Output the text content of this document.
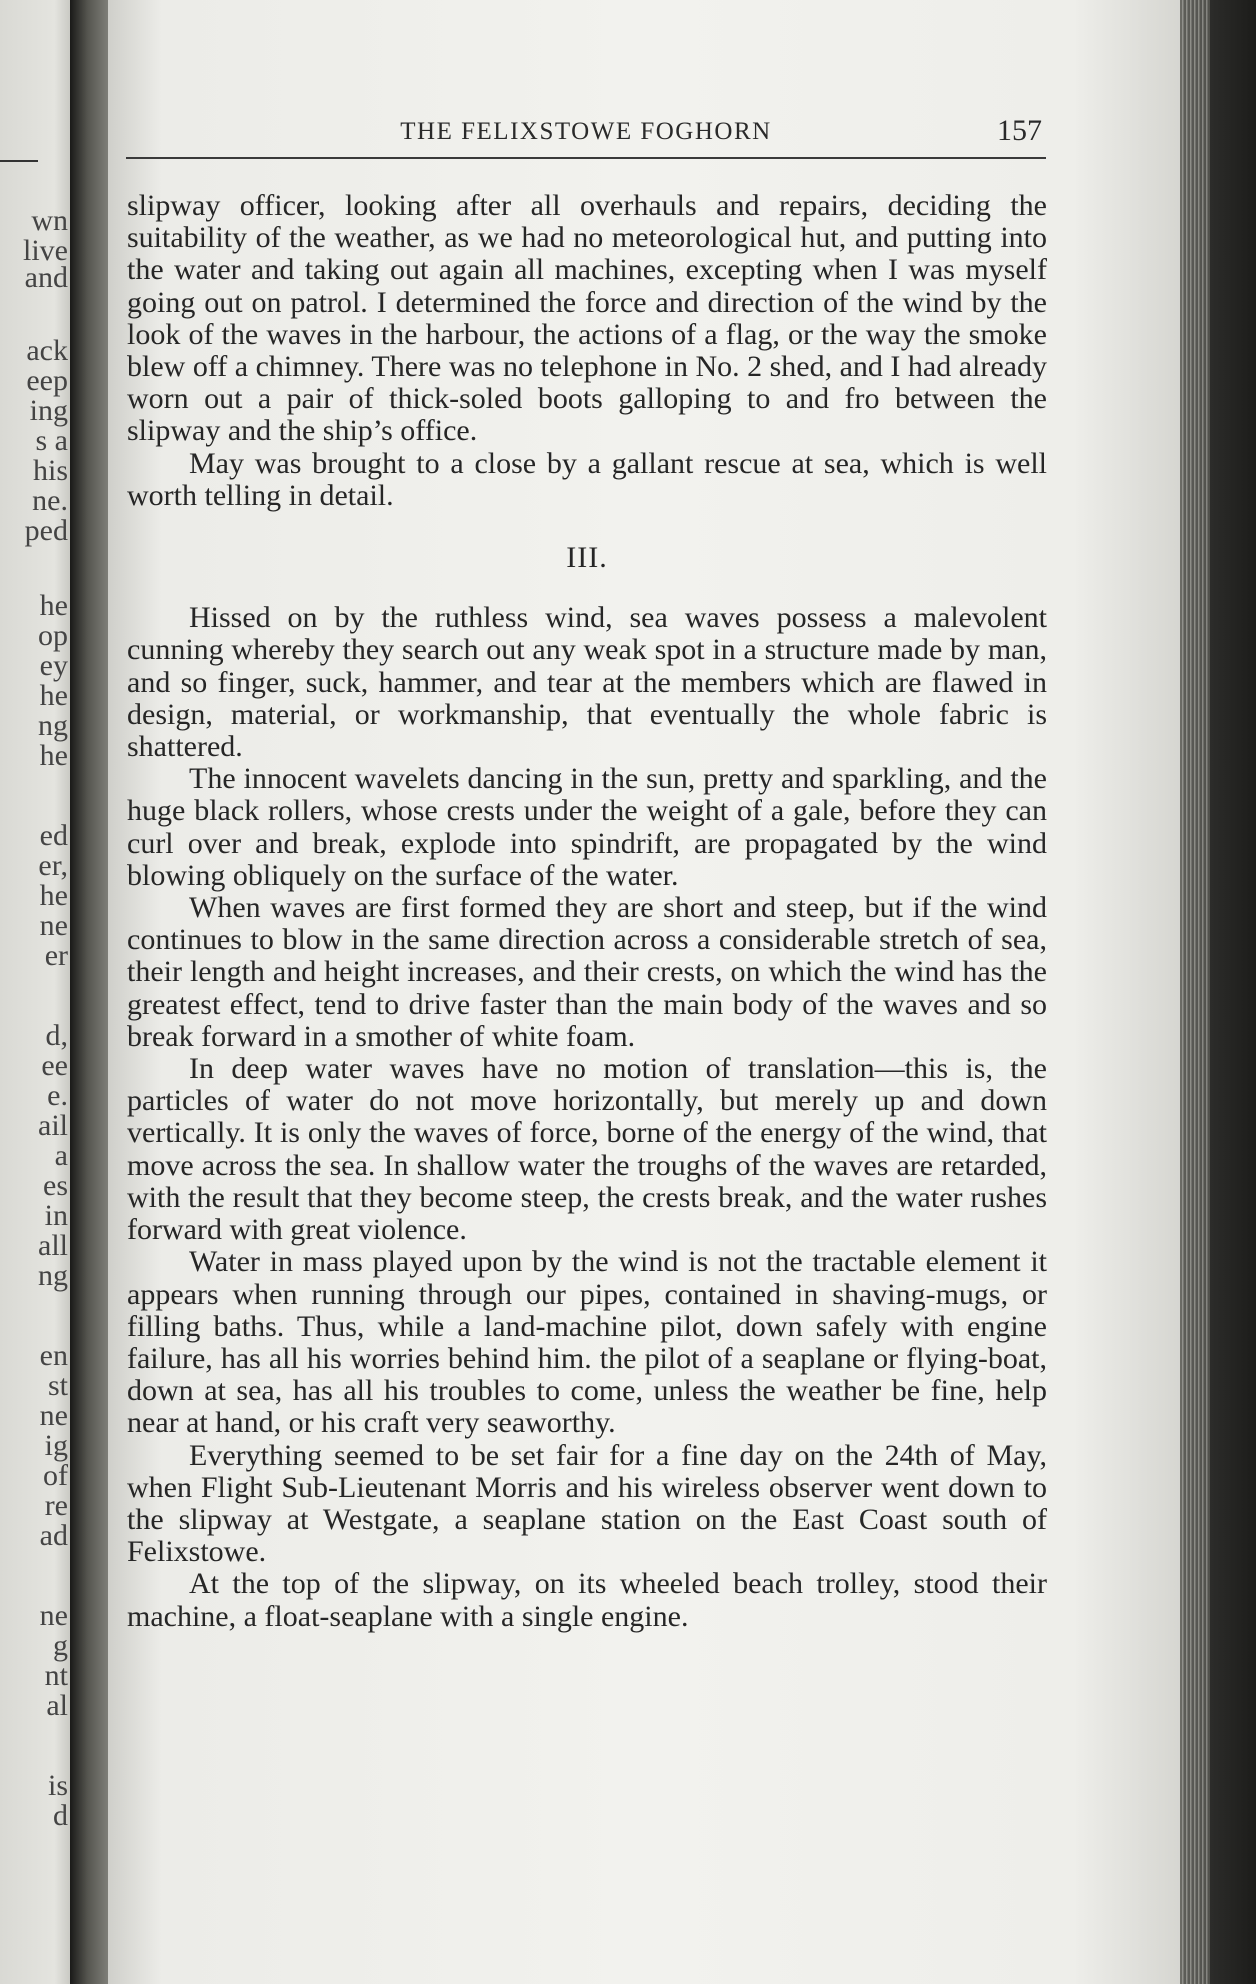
wn
live
and
ack
eep
ing
s a
his
ne.
ped
he
op
ey
he
ng
he
ed
er,
he
ne
er
d,
ee
e.
ail
a
es
in
all
ng
en
st
ne
ig
of
re
ad
ne
g
nt
al
is
d
THE FELIXSTOWE FOGHORN	157

slipway officer, looking after all overhauls and repairs, deciding the suitability of the weather, as we had no meteorological hut, and putting into the water and taking out again all machines, excepting when I was myself going out on patrol. I determined the force and direction of the wind by the look of the waves in the harbour, the actions of a flag, or the way the smoke blew off a chimney. There was no telephone in No. 2 shed, and I had already worn out a pair of thick-soled boots galloping to and fro between the slipway and the ship’s office.

May was brought to a close by a gallant rescue at sea, which is well worth telling in detail.

III.

Hissed on by the ruthless wind, sea waves possess a malevolent cunning whereby they search out any weak spot in a structure made by man, and so finger, suck, hammer, and tear at the members which are flawed in design, material, or workmanship, that eventually the whole fabric is shattered.

The innocent wavelets dancing in the sun, pretty and sparkling, and the huge black rollers, whose crests under the weight of a gale, before they can curl over and break, explode into spindrift, are propagated by the wind blowing obliquely on the surface of the water.

When waves are first formed they are short and steep, but if the wind continues to blow in the same direction across a considerable stretch of sea, their length and height increases, and their crests, on which the wind has the greatest effect, tend to drive faster than the main body of the waves and so break forward in a smother of white foam.

In deep water waves have no motion of translation—this is, the particles of water do not move horizontally, but merely up and down vertically. It is only the waves of force, borne of the energy of the wind, that move across the sea. In shallow water the troughs of the waves are retarded, with the result that they become steep, the crests break, and the water rushes forward with great violence.

Water in mass played upon by the wind is not the tractable element it appears when running through our pipes, contained in shaving-mugs, or filling baths. Thus, while a land-machine pilot, down safely with engine failure, has all his worries behind him. the pilot of a seaplane or flying-boat, down at sea, has all his troubles to come, unless the weather be fine, help near at hand, or his craft very seaworthy.

Everything seemed to be set fair for a fine day on the 24th of May, when Flight Sub-Lieutenant Morris and his wireless observer went down to the slipway at Westgate, a seaplane station on the East Coast south of Felixstowe.

At the top of the slipway, on its wheeled beach trolley, stood their machine, a float-seaplane with a single engine.
